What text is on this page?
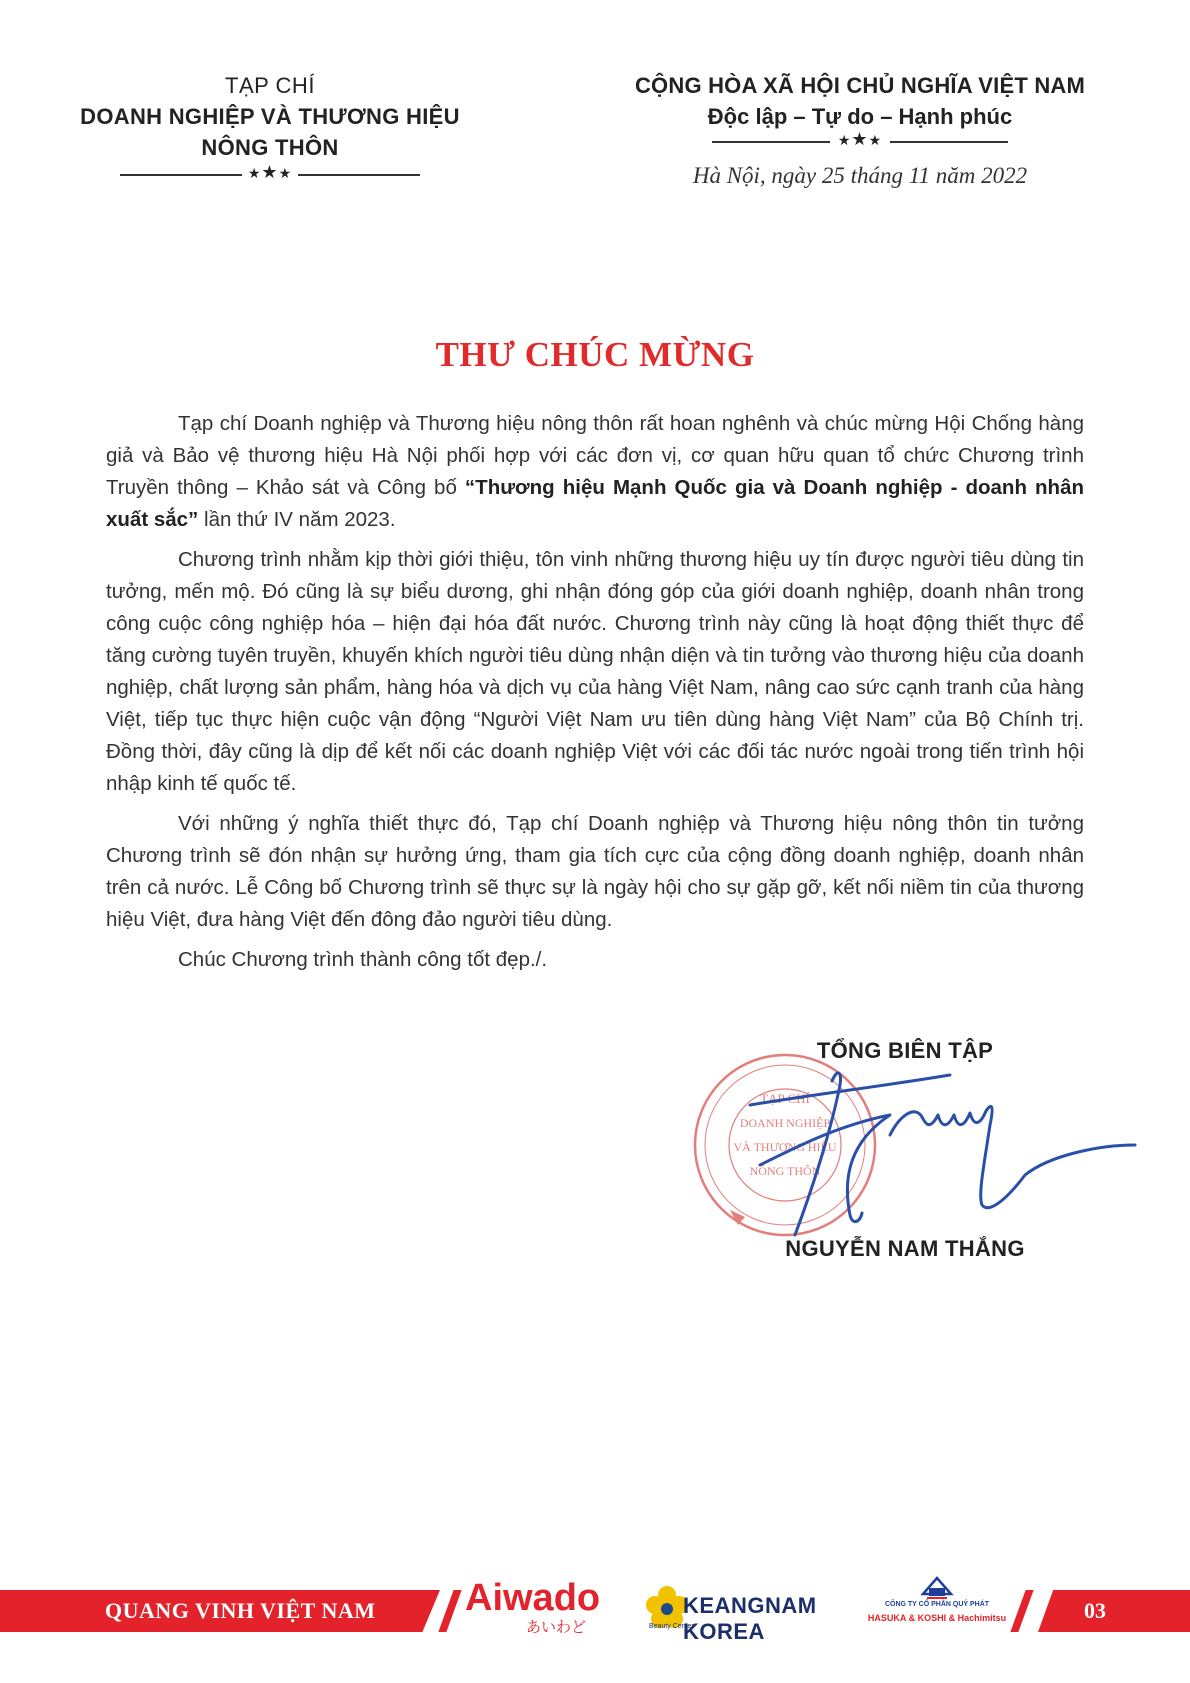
TẠP CHÍ
DOANH NGHIỆP VÀ THƯƠNG HIỆU
NÔNG THÔN
★★★
CỘNG HÒA XÃ HỘI CHỦ NGHĨA VIỆT NAM
Độc lập – Tự do – Hạnh phúc
★★★
Hà Nội, ngày 25 tháng 11 năm 2022
THƯ CHÚC MỪNG

Tạp chí Doanh nghiệp và Thương hiệu nông thôn rất hoan nghênh và chúc mừng Hội Chống hàng giả và Bảo vệ thương hiệu Hà Nội phối hợp với các đơn vị, cơ quan hữu quan tổ chức Chương trình Truyền thông – Khảo sát và Công bố “Thương hiệu Mạnh Quốc gia và Doanh nghiệp - doanh nhân xuất sắc” lần thứ IV năm 2023.

Chương trình nhằm kịp thời giới thiệu, tôn vinh những thương hiệu uy tín được người tiêu dùng tin tưởng, mến mộ. Đó cũng là sự biểu dương, ghi nhận đóng góp của giới doanh nghiệp, doanh nhân trong công cuộc công nghiệp hóa – hiện đại hóa đất nước. Chương trình này cũng là hoạt động thiết thực để tăng cường tuyên truyền, khuyến khích người tiêu dùng nhận diện và tin tưởng vào thương hiệu của doanh nghiệp, chất lượng sản phẩm, hàng hóa và dịch vụ của hàng Việt Nam, nâng cao sức cạnh tranh của hàng Việt, tiếp tục thực hiện cuộc vận động “Người Việt Nam ưu tiên dùng hàng Việt Nam” của Bộ Chính trị. Đồng thời, đây cũng là dịp để kết nối các doanh nghiệp Việt với các đối tác nước ngoài trong tiến trình hội nhập kinh tế quốc tế.

Với những ý nghĩa thiết thực đó, Tạp chí Doanh nghiệp và Thương hiệu nông thôn tin tưởng Chương trình sẽ đón nhận sự hưởng ứng, tham gia tích cực của cộng đồng doanh nghiệp, doanh nhân trên cả nước. Lễ Công bố Chương trình sẽ thực sự là ngày hội cho sự gặp gỡ, kết nối niềm tin của thương hiệu Việt, đưa hàng Việt đến đông đảo người tiêu dùng.

Chúc Chương trình thành công tốt đẹp./.

TỔNG BIÊN TẬP
TẠP CHÍ
DOANH NGHIỆP
VÀ THƯƠNG HIỆU
NÔNG THÔN
NGUYỄN NAM THẮNG
QUANG VINH VIỆT NAM Aiwado
あいわど
KEANGNAM KOREA
Beauty Center
CÔNG TY CỔ PHẦN QUÝ PHÁT
HASUKA & KOSHI & Hachimitsu	03
